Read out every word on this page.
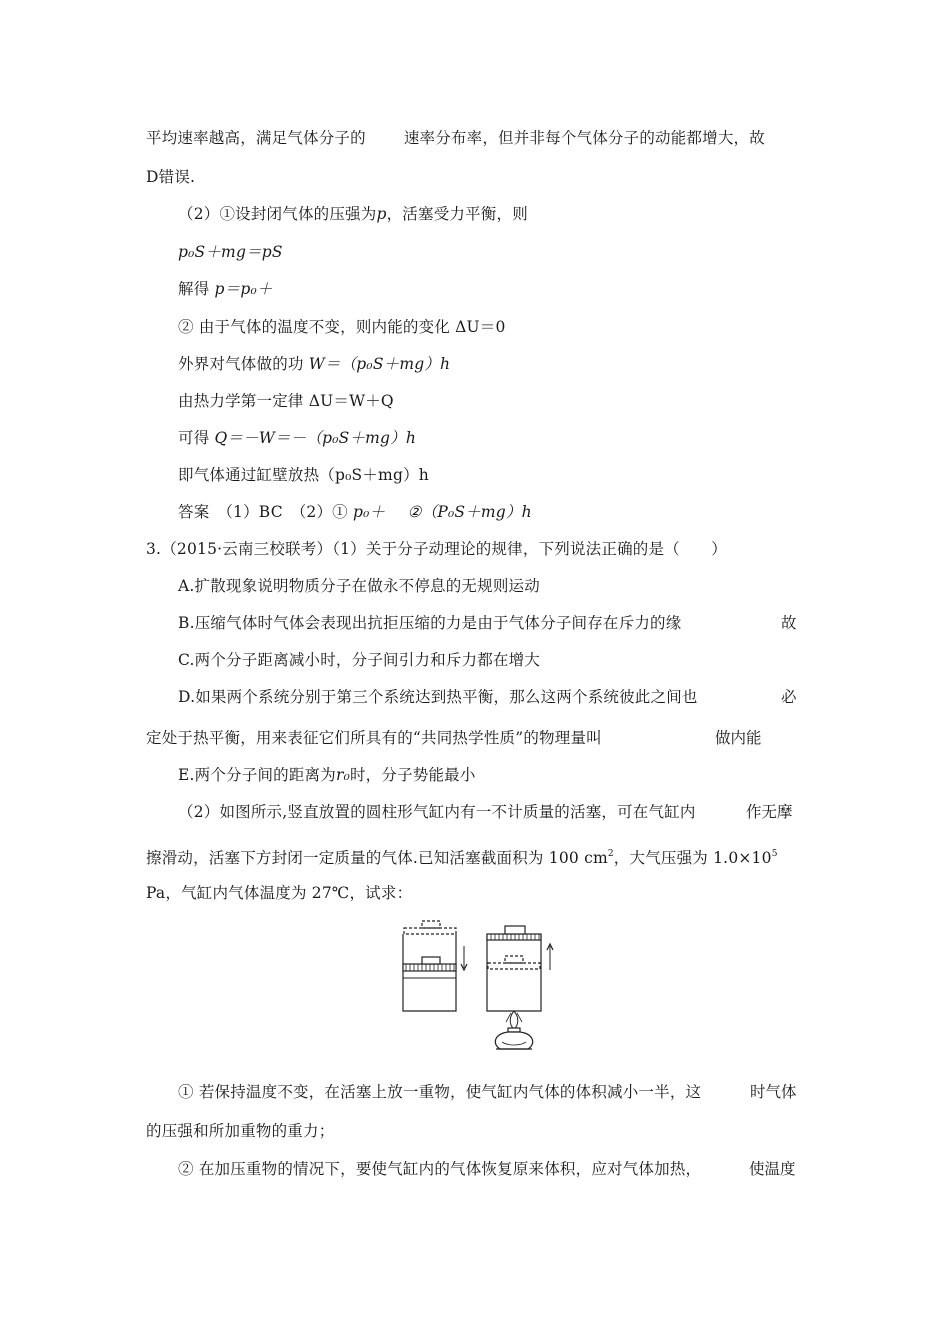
平均速率越高，满足气体分子的 速率分布率，但并非每个气体分子的动能都增大，故
D错误.
（2）①设封闭气体的压强为p，活塞受力平衡，则
p₀S＋mg＝pS
解得 p＝p₀＋
② 由于气体的温度不变，则内能的变化 ΔU＝0
外界对气体做的功 W＝（p₀S＋mg）h
由热力学第一定律 ΔU＝W＋Q
可得 Q＝－W＝－（p₀S＋mg）h
即气体通过缸壁放热（p₀S＋mg）h
答案　（1）BC　（2）① p₀＋ ②（P₀S＋mg）h
3.（2015·云南三校联考）（1）关于分子动理论的规律，下列说法正确的是（　　）
A.扩散现象说明物质分子在做永不停息的无规则运动
B.压缩气体时气体会表现出抗拒压缩的力是由于气体分子间存在斥力的缘	故
C.两个分子距离减小时，分子间引力和斥力都在增大
D.如果两个系统分别于第三个系统达到热平衡，那么这两个系统彼此之间也	必
定处于热平衡，用来表征它们所具有的“共同热学性质”的物理量叫	做内能
E.两个分子间的距离为r₀时，分子势能最小
（2）如图所示,竖直放置的圆柱形气缸内有一不计质量的活塞，可在气缸内	作无摩
擦滑动，活塞下方封闭一定质量的气体.已知活塞截面积为 100 $cm^2$，大气压强为 $1.0\times 10^5$
Pa，气缸内气体温度为 27℃，试求：
① 若保持温度不变，在活塞上放一重物，使气缸内气体的体积减小一半，这	时气体
的压强和所加重物的重力；
② 在加压重物的情况下，要使气缸内的气体恢复原来体积，应对气体加热，	使温度
